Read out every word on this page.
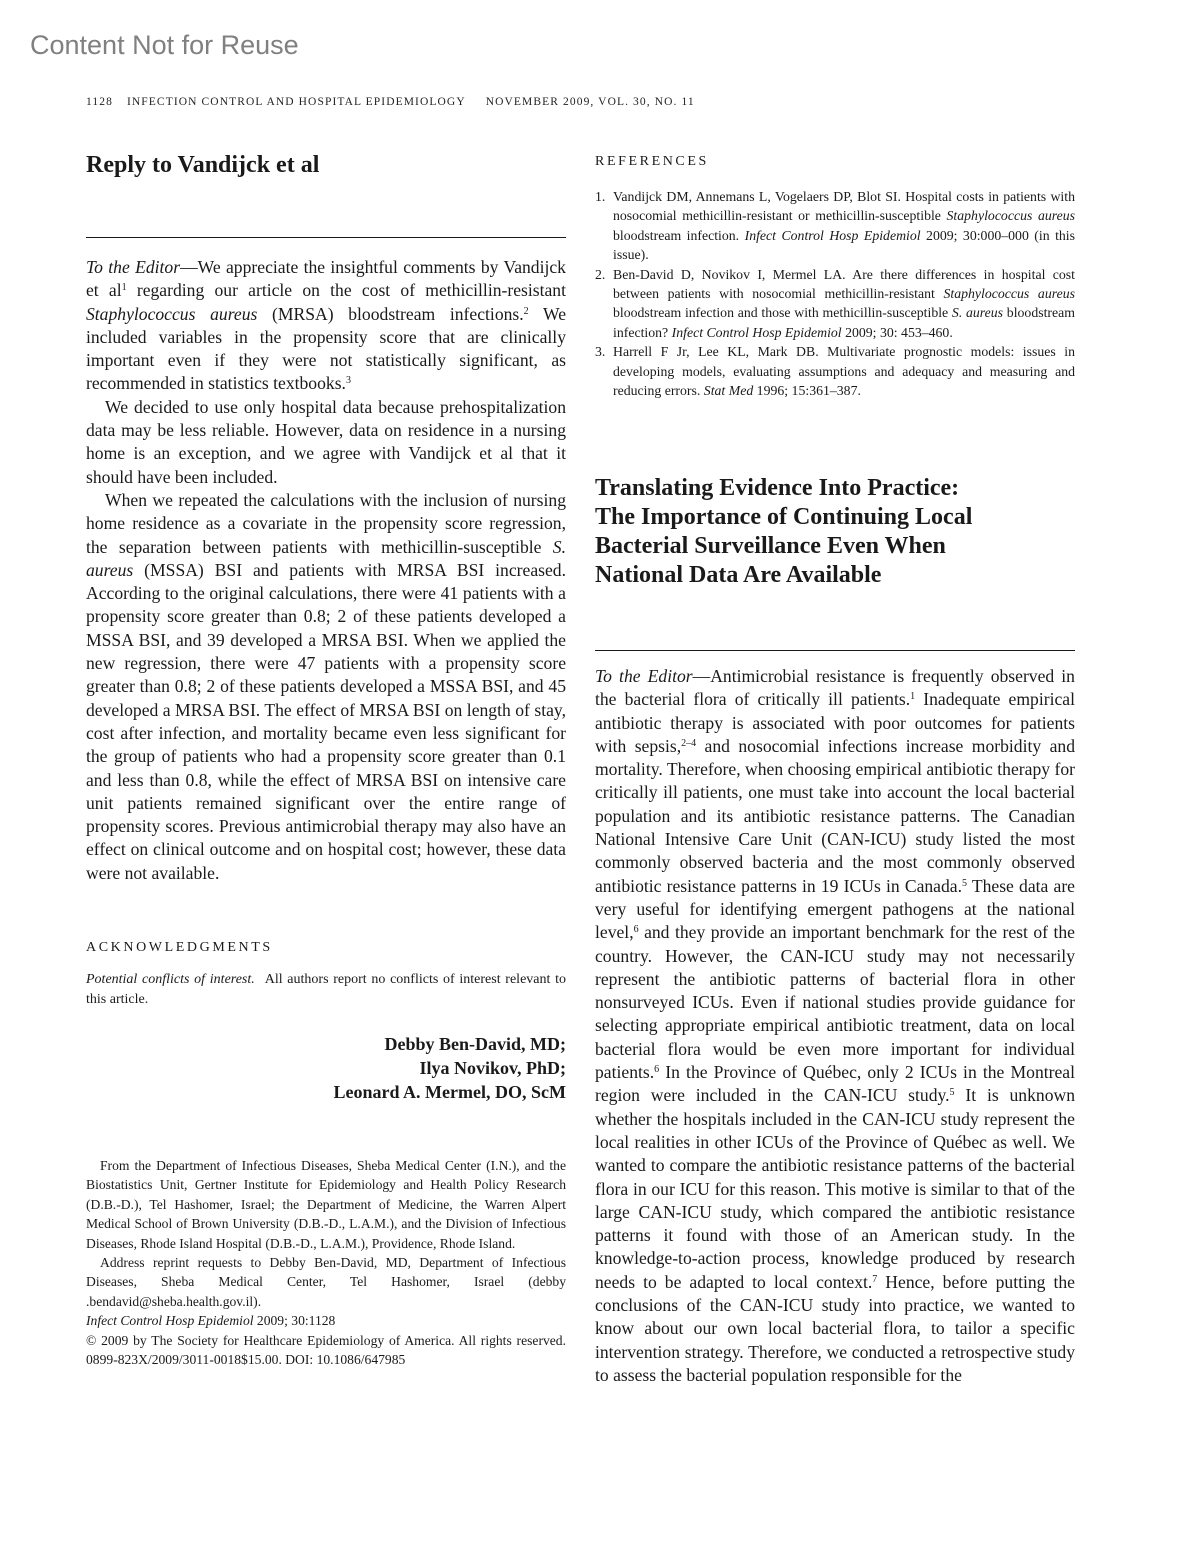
Content Not for Reuse
1128 INFECTION CONTROL AND HOSPITAL EPIDEMIOLOGY NOVEMBER 2009, VOL. 30, NO. 11
Reply to Vandijck et al

To the Editor—We appreciate the insightful comments by Vandijck et $al^1$ regarding our article on the cost of methicillin-resistant Staphylococcus aureus (MRSA) bloodstream infections.$^2$ We included variables in the propensity score that are clinically important even if they were not statistically significant, as recommended in statistics textbooks.$^3$

We decided to use only hospital data because prehospitalization data may be less reliable. However, data on residence in a nursing home is an exception, and we agree with Vandijck et al that it should have been included.

When we repeated the calculations with the inclusion of nursing home residence as a covariate in the propensity score regression, the separation between patients with methicillin-susceptible S. aureus (MSSA) BSI and patients with MRSA BSI increased. According to the original calculations, there were 41 patients with a propensity score greater than 0.8; 2 of these patients developed a MSSA BSI, and 39 developed a MRSA BSI. When we applied the new regression, there were 47 patients with a propensity score greater than 0.8; 2 of these patients developed a MSSA BSI, and 45 developed a MRSA BSI. The effect of MRSA BSI on length of stay, cost after infection, and mortality became even less significant for the group of patients who had a propensity score greater than 0.1 and less than 0.8, while the effect of MRSA BSI on intensive care unit patients remained significant over the entire range of propensity scores. Previous antimicrobial therapy may also have an effect on clinical outcome and on hospital cost; however, these data were not available.

ACKNOWLEDGMENTS

Potential conflicts of interest. All authors report no conflicts of interest relevant to this article.

Debby Ben-David, MD;
Ilya Novikov, PhD;
Leonard A. Mermel, DO, ScM

From the Department of Infectious Diseases, Sheba Medical Center (I.N.), and the Biostatistics Unit, Gertner Institute for Epidemiology and Health Policy Research (D.B.-D.), Tel Hashomer, Israel; the Department of Medicine, the Warren Alpert Medical School of Brown University (D.B.-D., L.A.M.), and the Division of Infectious Diseases, Rhode Island Hospital (D.B.-D., L.A.M.), Providence, Rhode Island.

Address reprint requests to Debby Ben-David, MD, Department of Infectious Diseases, Sheba Medical Center, Tel Hashomer, Israel (debby .bendavid@sheba.health.gov.il).

Infect Control Hosp Epidemiol 2009; 30:1128

© 2009 by The Society for Healthcare Epidemiology of America. All rights reserved. 0899-823X/2009/3011-0018$15.00. DOI: 10.1086/647985

REFERENCES
1. Vandijck DM, Annemans L, Vogelaers DP, Blot SI. Hospital costs in patients with nosocomial methicillin-resistant or methicillin-susceptible Staphylococcus aureus bloodstream infection. Infect Control Hosp Epidemiol 2009; 30:000–000 (in this issue).
2. Ben-David D, Novikov I, Mermel LA. Are there differences in hospital cost between patients with nosocomial methicillin-resistant Staphylococcus aureus bloodstream infection and those with methicillin-susceptible S. aureus bloodstream infection? Infect Control Hosp Epidemiol 2009; 30: 453–460.
3. Harrell F Jr, Lee KL, Mark DB. Multivariate prognostic models: issues in developing models, evaluating assumptions and adequacy and measuring and reducing errors. Stat Med 1996; 15:361–387.
Translating Evidence Into Practice:
The Importance of Continuing Local
Bacterial Surveillance Even When
National Data Are Available

To the Editor—Antimicrobial resistance is frequently observed in the bacterial flora of critically ill patients.$^1$ Inadequate empirical antibiotic therapy is associated with poor outcomes for patients with sepsis,$^{2-4}$ and nosocomial infections increase morbidity and mortality. Therefore, when choosing empirical antibiotic therapy for critically ill patients, one must take into account the local bacterial population and its antibiotic resistance patterns. The Canadian National Intensive Care Unit (CAN-ICU) study listed the most commonly observed bacteria and the most commonly observed antibiotic resistance patterns in 19 ICUs in Canada.$^5$ These data are very useful for identifying emergent pathogens at the national level,$^6$ and they provide an important benchmark for the rest of the country. However, the CAN-ICU study may not necessarily represent the antibiotic patterns of bacterial flora in other nonsurveyed ICUs. Even if national studies provide guidance for selecting appropriate empirical antibiotic treatment, data on local bacterial flora would be even more important for individual patients.$^6$ In the Province of Québec, only 2 ICUs in the Montreal region were included in the CAN-ICU study.$^5$ It is unknown whether the hospitals included in the CAN-ICU study represent the local realities in other ICUs of the Province of Québec as well. We wanted to compare the antibiotic resistance patterns of the bacterial flora in our ICU for this reason. This motive is similar to that of the large CAN-ICU study, which compared the antibiotic resistance patterns it found with those of an American study. In the knowledge-to-action process, knowledge produced by research needs to be adapted to local context.$^7$ Hence, before putting the conclusions of the CAN-ICU study into practice, we wanted to know about our own local bacterial flora, to tailor a specific intervention strategy. Therefore, we conducted a retrospective study to assess the bacterial population responsible for the
